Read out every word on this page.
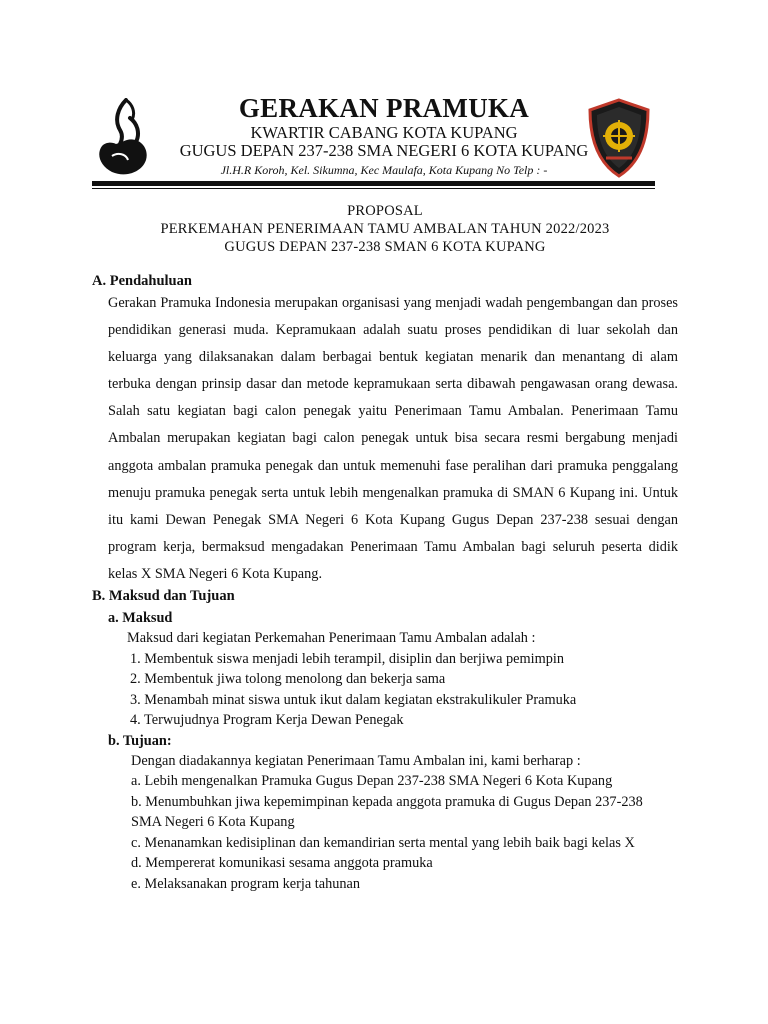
GERAKAN PRAMUKA
KWARTIR CABANG KOTA KUPANG
GUGUS DEPAN 237-238 SMA NEGERI 6 KOTA KUPANG
Jl.H.R Koroh, Kel. Sikumna, Kec Maulafa, Kota Kupang No Telp : -
PROPOSAL
PERKEMAHAN PENERIMAAN TAMU AMBALAN TAHUN 2022/2023
GUGUS DEPAN 237-238 SMAN 6 KOTA KUPANG
A. Pendahuluan
Gerakan Pramuka Indonesia merupakan organisasi yang menjadi wadah pengembangan dan proses pendidikan generasi muda. Kepramukaan adalah suatu proses pendidikan di luar sekolah dan keluarga yang dilaksanakan dalam berbagai bentuk kegiatan menarik dan menantang di alam terbuka dengan prinsip dasar dan metode kepramukaan serta dibawah pengawasan orang dewasa. Salah satu kegiatan bagi calon penegak yaitu Penerimaan Tamu Ambalan. Penerimaan Tamu Ambalan merupakan kegiatan bagi calon penegak untuk bisa secara resmi bergabung menjadi anggota ambalan pramuka penegak dan untuk memenuhi fase peralihan dari pramuka penggalang menuju pramuka penegak serta untuk lebih mengenalkan pramuka di SMAN 6 Kupang ini. Untuk itu kami Dewan Penegak SMA Negeri 6 Kota Kupang Gugus Depan 237-238 sesuai dengan program kerja, bermaksud mengadakan Penerimaan Tamu Ambalan bagi seluruh peserta didik kelas X SMA Negeri 6 Kota Kupang.
B. Maksud dan Tujuan
a. Maksud
Maksud dari kegiatan Perkemahan Penerimaan Tamu Ambalan adalah :
1. Membentuk siswa menjadi lebih terampil, disiplin dan berjiwa pemimpin
2. Membentuk jiwa tolong menolong dan bekerja sama
3. Menambah minat siswa untuk ikut dalam kegiatan ekstrakulikuler Pramuka
4. Terwujudnya Program Kerja Dewan Penegak
b. Tujuan:
Dengan diadakannya kegiatan Penerimaan Tamu Ambalan ini, kami berharap :
a. Lebih mengenalkan Pramuka Gugus Depan 237-238 SMA Negeri 6 Kota Kupang
b. Menumbuhkan jiwa kepemimpinan kepada anggota pramuka di Gugus Depan 237-238
SMA Negeri 6 Kota Kupang
c. Menanamkan kedisiplinan dan kemandirian serta mental yang lebih baik bagi kelas X
d. Mempererat komunikasi sesama anggota pramuka
e. Melaksanakan program kerja tahunan
